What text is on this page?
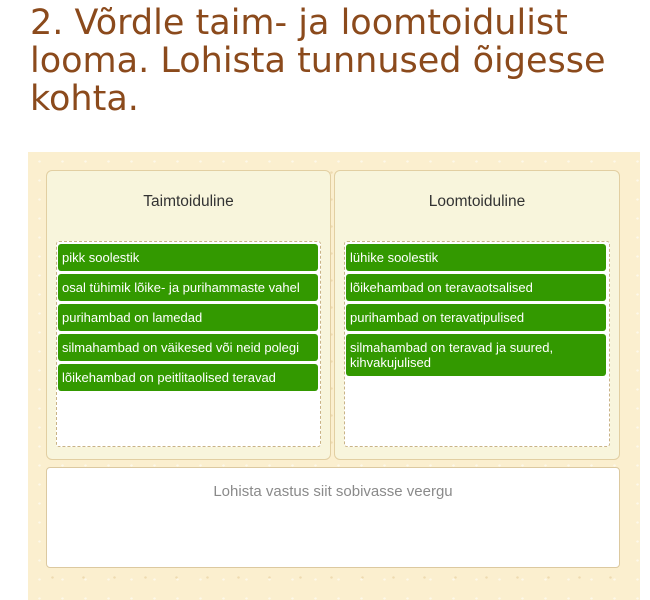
2. Võrdle taim- ja loomtoidulist looma. Lohista tunnused õigesse kohta.
Taimtoiduline
pikk soolestik
osal tühimik lõike- ja purihammaste vahel
purihambad on lamedad
silmahambad on väikesed või neid polegi
lõikehambad on peitlitaolised teravad
Loomtoiduline
lühike soolestik
lõikehambad on teravaotsalised
purihambad on teravatipulised
silmahambad on teravad ja suured, kihvakujulised
Lohista vastus siit sobivasse veergu
